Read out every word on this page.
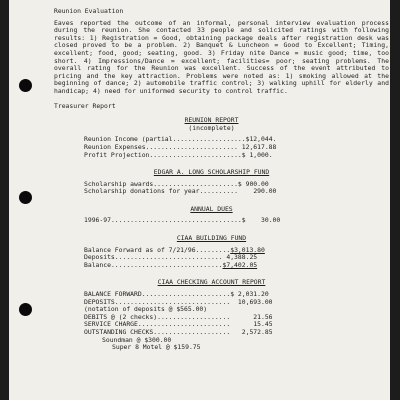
Reunion Evaluation

Eaves reported the outcome of an informal, personal interview evaluation process during the reunion. She contacted 33 people and solicited ratings with following results: 1) Registration = Good, obtaining package deals after registration desk was closed proved to be a problem. 2) Banquet & Luncheon = Good to Excellent; Timing, excellent; food, good; seating, good. 3) Friday nite Dance = music good; time, too short. 4) Impressions/Dance = excellent; facilities= poor; seating problems. The overall rating for the Reunion was excellent. Success of the event attributed to pricing and the key attraction. Problems were noted as: 1) smoking allowed at the beginning of dance; 2) automobile traffic control; 3) walking uphill for elderly and handicap; 4) need for uniformed security to control traffic.

Treasurer Report

REUNION REPORT

(incomplete)

Reunion Income (partial...................$12,044.
Reunion Expenses........................ 12,617.88
Profit Projection........................$ 1,000.

EDGAR A. LONG SCHOLARSHIP FUND

Scholarship awards......................$ 900.00
Scholarship donations for year..........    290.00

ANNUAL DUES

1996-97..................................$    30.00

CIAA BUILDING FUND

Balance Forward as of 7/21/96.........$3,013.80
Deposits............................ 4,388.25
Balance.............................$7,402.05

CIAA CHECKING ACCOUNT REPORT

BALANCE FORWARD.......................$ 2,031.20
DEPOSITS..............................  10,693.00
(notation of deposits @ $565.00)
DEBITS @ (2 checks)...................      21.56
SERVICE CHARGE........................      15.45
OUTSTANDING CHECKS....................   2,572.85
Soundman @ $300.00
Super 8 Motel @ $159.75
